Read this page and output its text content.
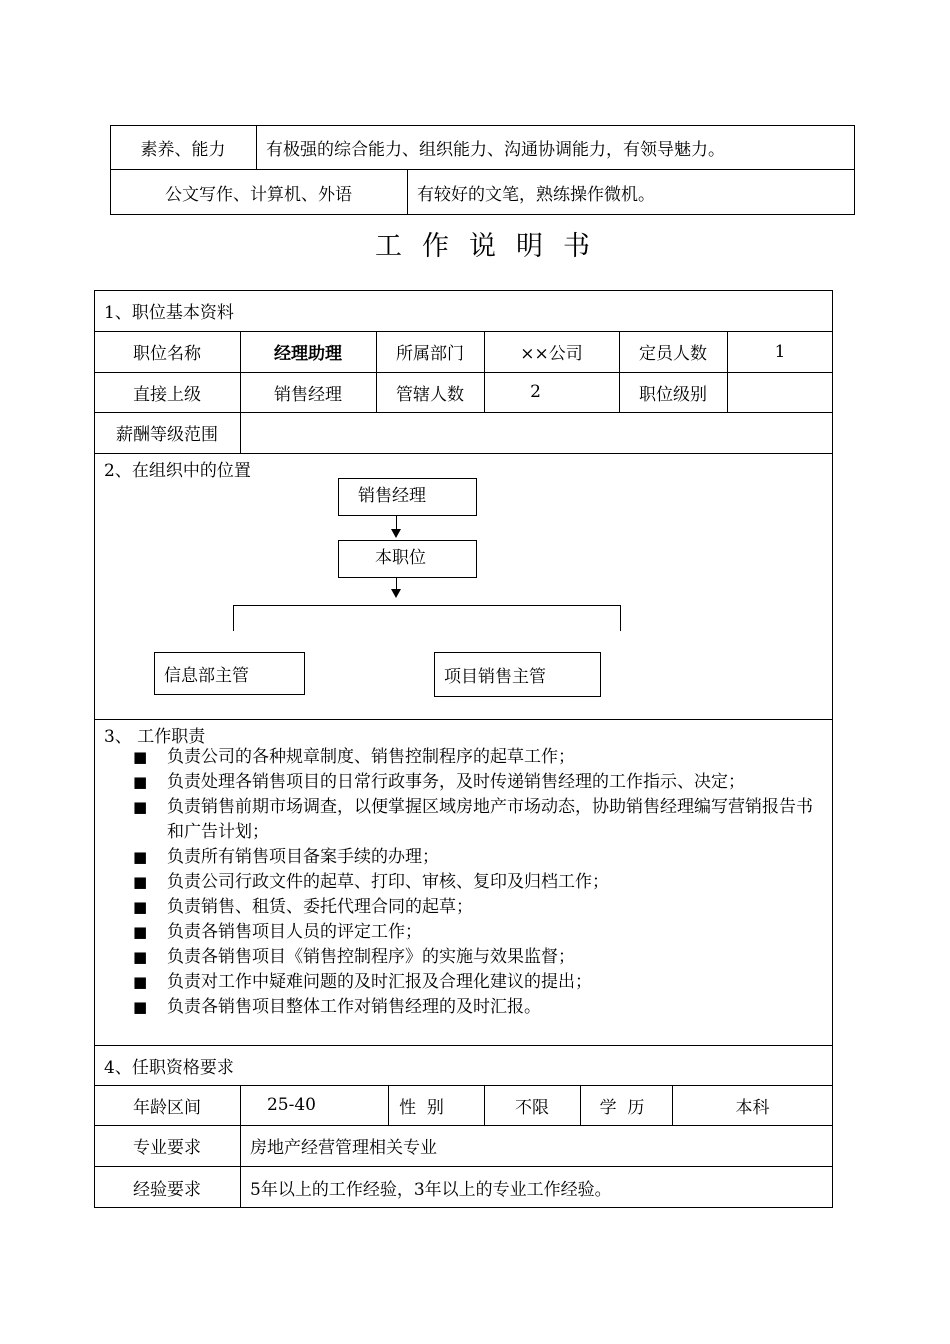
素养、能力	有极强的综合能力、组织能力、沟通协调能力，有领导魅力。
公文写作、计算机、外语	有较好的文笔，熟练操作微机。
工作说明书
1、职位基本资料
职位名称	经理助理	所属部门	××公司	定员人数	1
直接上级	销售经理	管辖人数	2	职位级别
薪酬等级范围
2、在组织中的位置
销售经理
本职位
信息部主管	项目销售主管
3、 工作职责
■ 负责公司的各种规章制度、销售控制程序的起草工作；
■ 负责处理各销售项目的日常行政事务，及时传递销售经理的工作指示、决定；
■ 负责销售前期市场调查，以便掌握区域房地产市场动态，协助销售经理编写营销报告书和广告计划；
■ 负责所有销售项目备案手续的办理；
■ 负责公司行政文件的起草、打印、审核、复印及归档工作；
■ 负责销售、租赁、委托代理合同的起草；
■ 负责各销售项目人员的评定工作；
■ 负责各销售项目《销售控制程序》的实施与效果监督；
■ 负责对工作中疑难问题的及时汇报及合理化建议的提出；
■ 负责各销售项目整体工作对销售经理的及时汇报。
4、任职资格要求
年龄区间	25-40	性  别	不限	学  历	本科
专业要求	房地产经营管理相关专业
经验要求	5年以上的工作经验，3年以上的专业工作经验。
